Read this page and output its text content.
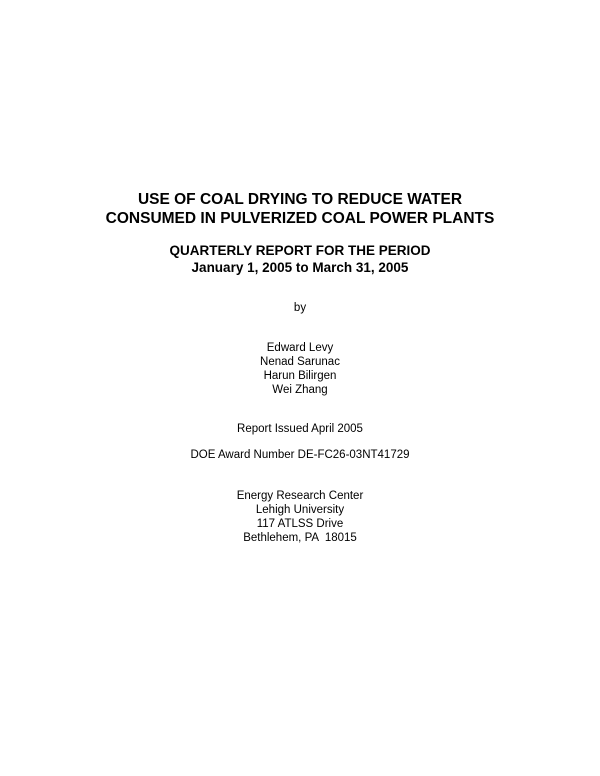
USE OF COAL DRYING TO REDUCE WATER
CONSUMED IN PULVERIZED COAL POWER PLANTS
QUARTERLY REPORT FOR THE PERIOD
January 1, 2005 to March 31, 2005
by
Edward Levy
Nenad Sarunac
Harun Bilirgen
Wei Zhang
Report Issued April 2005
DOE Award Number DE-FC26-03NT41729
Energy Research Center
Lehigh University
117 ATLSS Drive
Bethlehem, PA  18015
